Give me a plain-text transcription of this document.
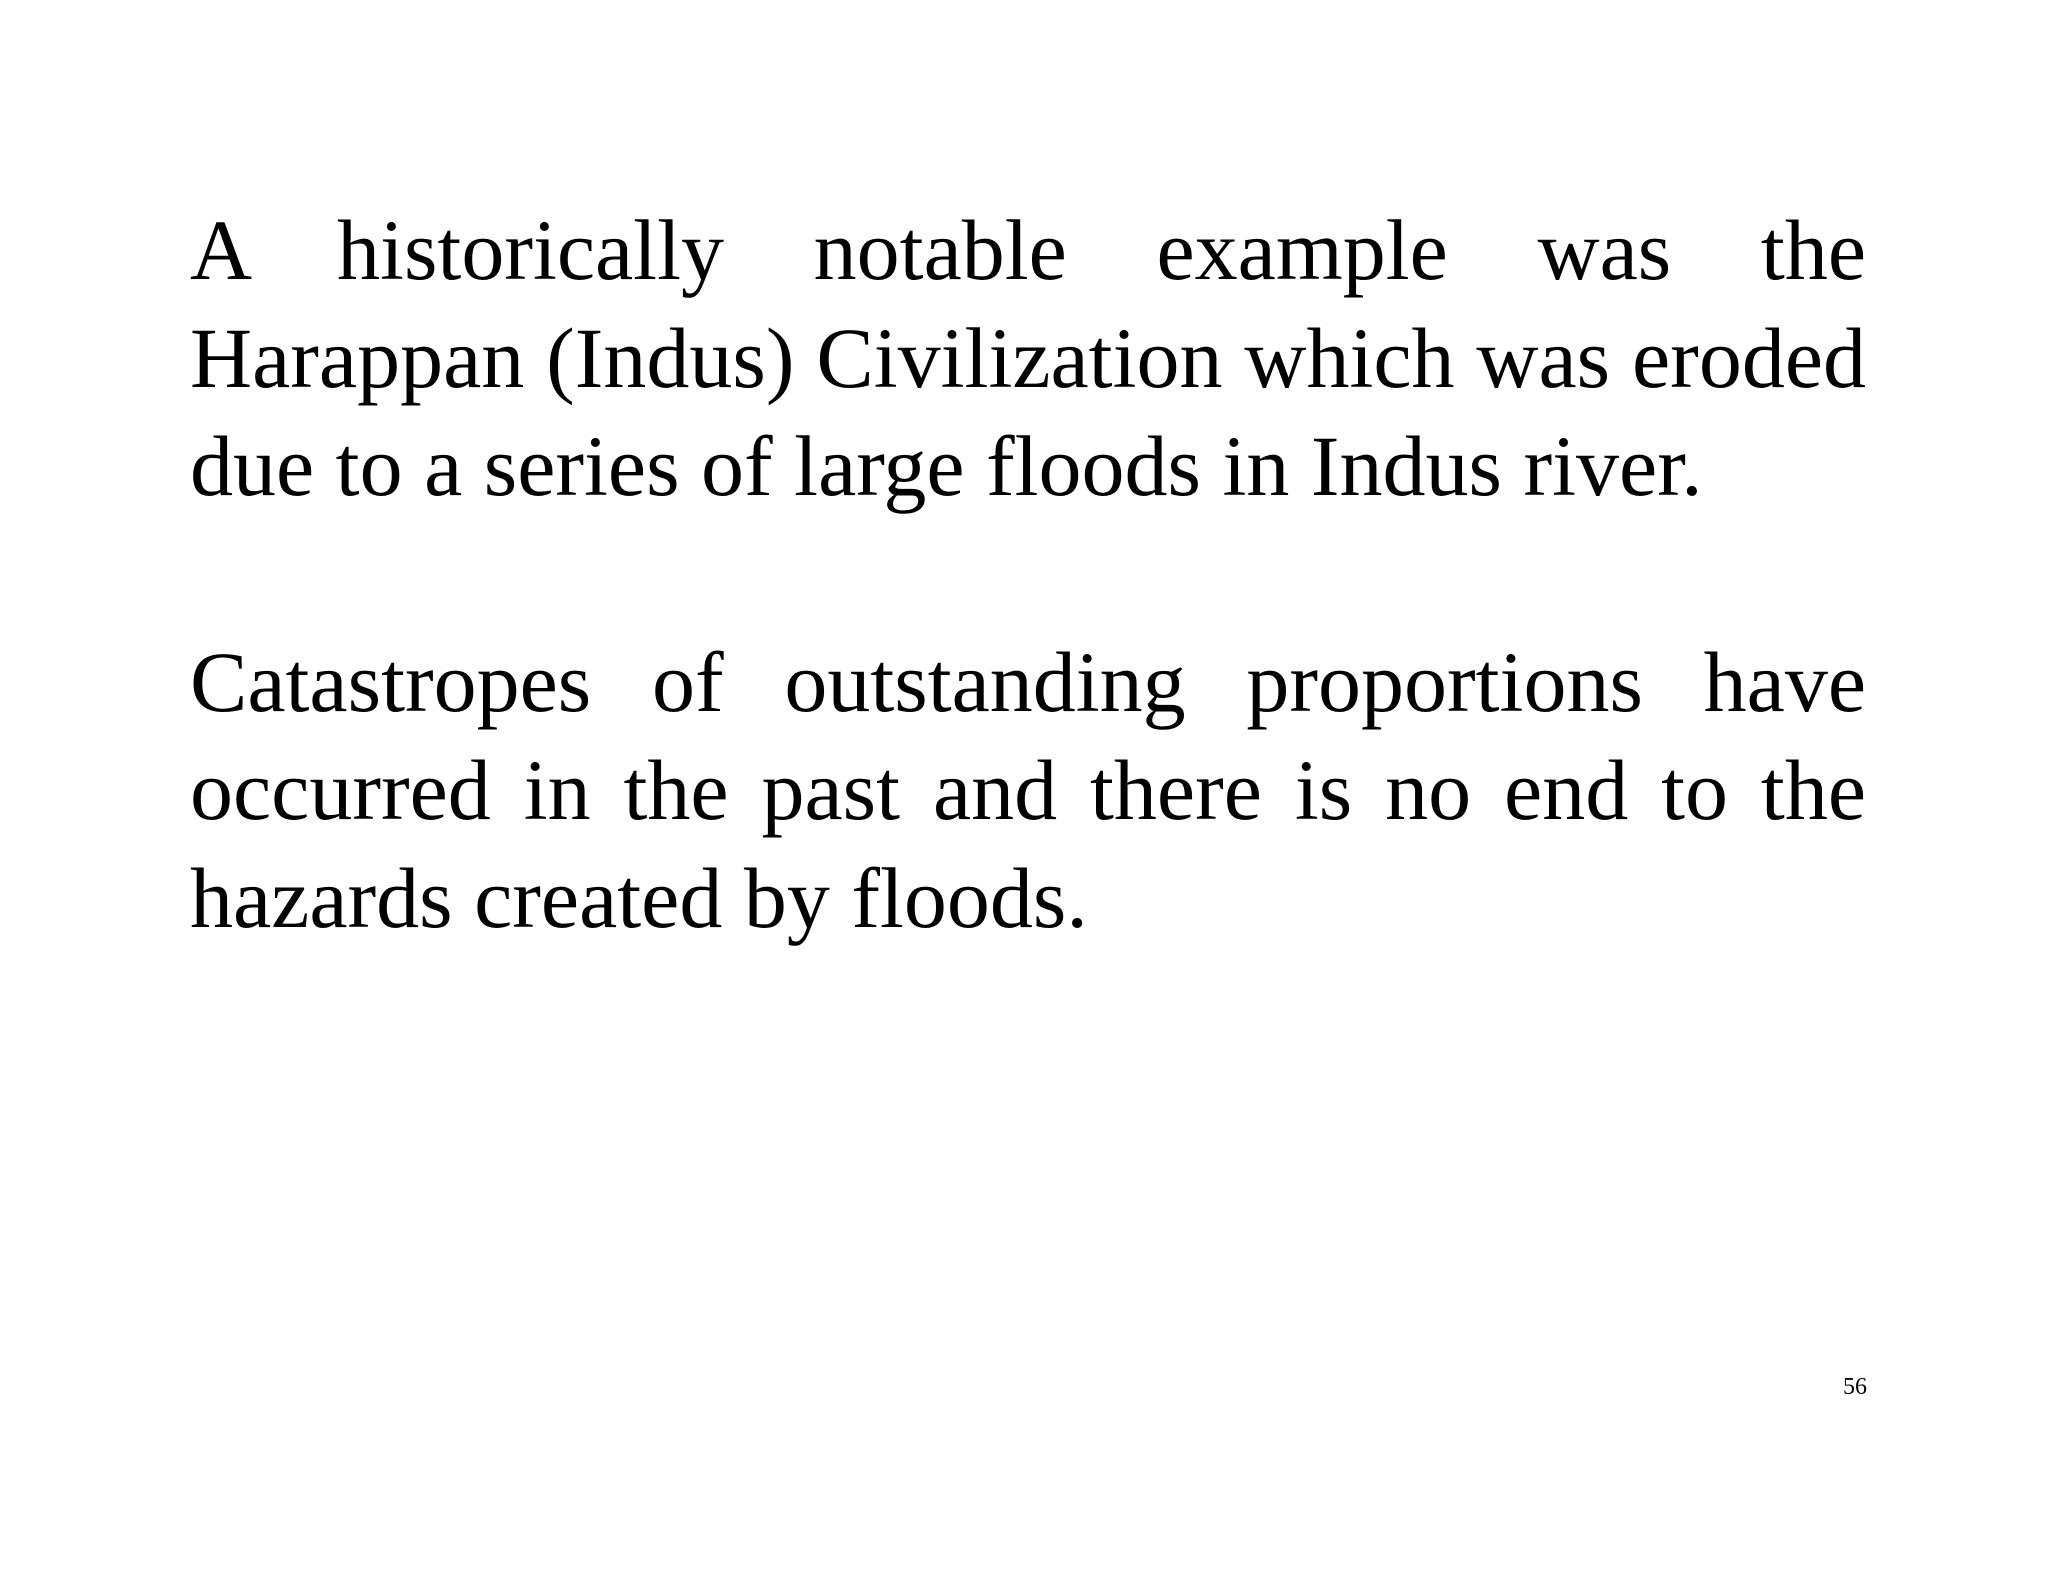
A historically notable example was the Harappan (Indus) Civilization which was eroded due to a series of large floods in Indus river.

Catastropes of outstanding proportions have occurred in the past and there is no end to the hazards created by floods.

56
